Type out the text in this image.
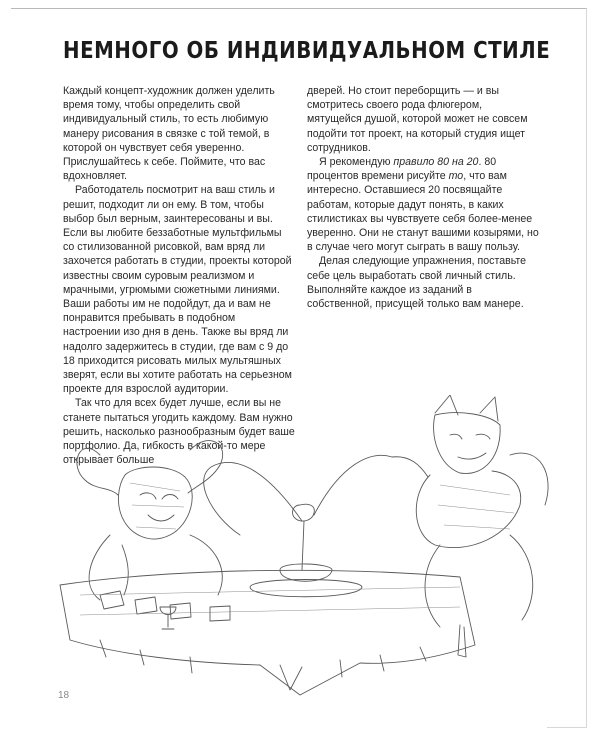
НЕМНОГО ОБ ИНДИВИДУАЛЬНОМ СТИЛЕ

Каждый концепт-художник должен уделить время тому, чтобы определить свой индивидуальный стиль, то есть любимую манеру рисования в связке с той темой, в которой он чувствует себя уверенно. Прислушайтесь к себе. Поймите, что вас вдохновляет.

Работодатель посмотрит на ваш стиль и решит, подходит ли он ему. В том, чтобы выбор был верным, заинтересованы и вы. Если вы любите беззаботные мультфильмы со стилизованной рисовкой, вам вряд ли захочется работать в студии, проекты которой известны своим суровым реализмом и мрачными, угрюмыми сюжетными линиями. Ваши работы им не подойдут, да и вам не понравится пребывать в подобном настроении изо дня в день. Также вы вряд ли надолго задержитесь в студии, где вам с 9 до 18 приходится рисовать милых мультяшных зверят, если вы хотите работать на серьезном проекте для взрослой аудитории.

Так что для всех будет лучше, если вы не станете пытаться угодить каждому. Вам нужно решить, насколько разнообразным будет ваше портфолио. Да, гибкость в какой-то мере открывает больше

дверей. Но стоит переборщить — и вы смотритесь своего рода флюгером, мятущейся душой, которой может не совсем подойти тот проект, на который студия ищет сотрудников.

Я рекомендую правило 80 на 20. 80 процентов времени рисуйте то, что вам интересно. Оставшиеся 20 посвящайте работам, которые дадут понять, в каких стилистиках вы чувствуете себя более-менее уверенно. Они не станут вашими козырями, но в случае чего могут сыграть в вашу пользу.

Делая следующие упражнения, поставьте себе цель выработать свой личный стиль. Выполняйте каждое из заданий в собственной, присущей только вам манере.

18
